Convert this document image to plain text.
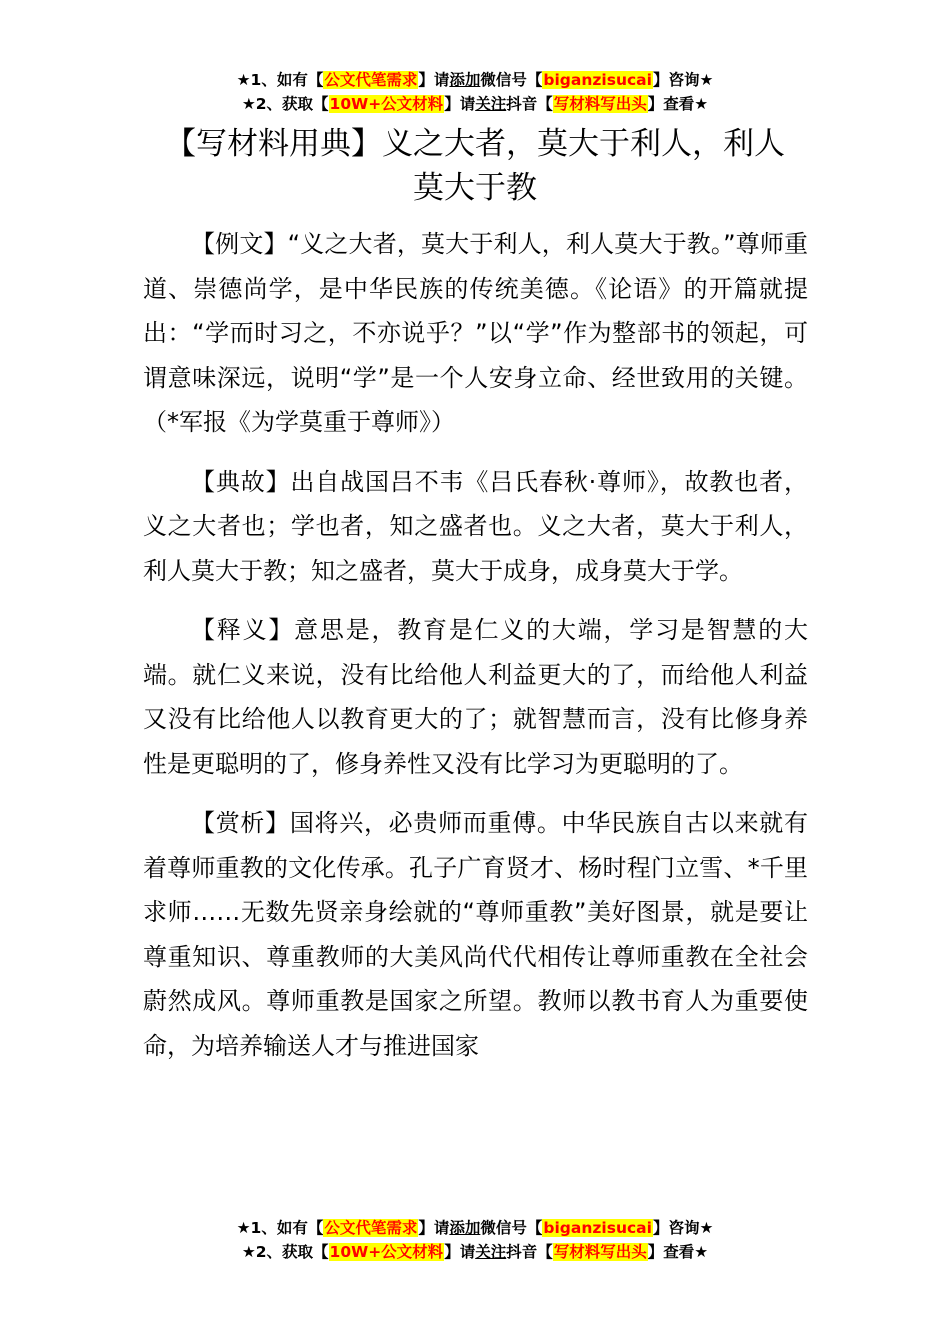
★1、如有【公文代笔需求】请添加微信号【biganzisucai】咨询★
★2、获取【10W+公文材料】请关注抖音【写材料写出头】查看★
【写材料用典】义之大者，莫大于利人，利人莫大于教

【例文】“义之大者，莫大于利人，利人莫大于教。”尊师重道、崇德尚学，是中华民族的传统美德。《论语》的开篇就提出：“学而时习之，不亦说乎？”以“学”作为整部书的领起，可谓意味深远，说明“学”是一个人安身立命、经世致用的关键。（*军报《为学莫重于尊师》）

【典故】出自战国吕不韦《吕氏春秋·尊师》，故教也者，义之大者也；学也者，知之盛者也。义之大者，莫大于利人，利人莫大于教；知之盛者，莫大于成身，成身莫大于学。

【释义】意思是，教育是仁义的大端，学习是智慧的大端。就仁义来说，没有比给他人利益更大的了，而给他人利益又没有比给他人以教育更大的了；就智慧而言，没有比修身养性是更聪明的了，修身养性又没有比学习为更聪明的了。

【赏析】国将兴，必贵师而重傅。中华民族自古以来就有着尊师重教的文化传承。孔子广育贤才、杨时程门立雪、*千里求师……无数先贤亲身绘就的“尊师重教”美好图景，就是要让尊重知识、尊重教师的大美风尚代代相传让尊师重教在全社会蔚然成风。尊师重教是国家之所望。教师以教书育人为重要使命，为培养输送人才与推进国家

★1、如有【公文代笔需求】请添加微信号【biganzisucai】咨询★
★2、获取【10W+公文材料】请关注抖音【写材料写出头】查看★
